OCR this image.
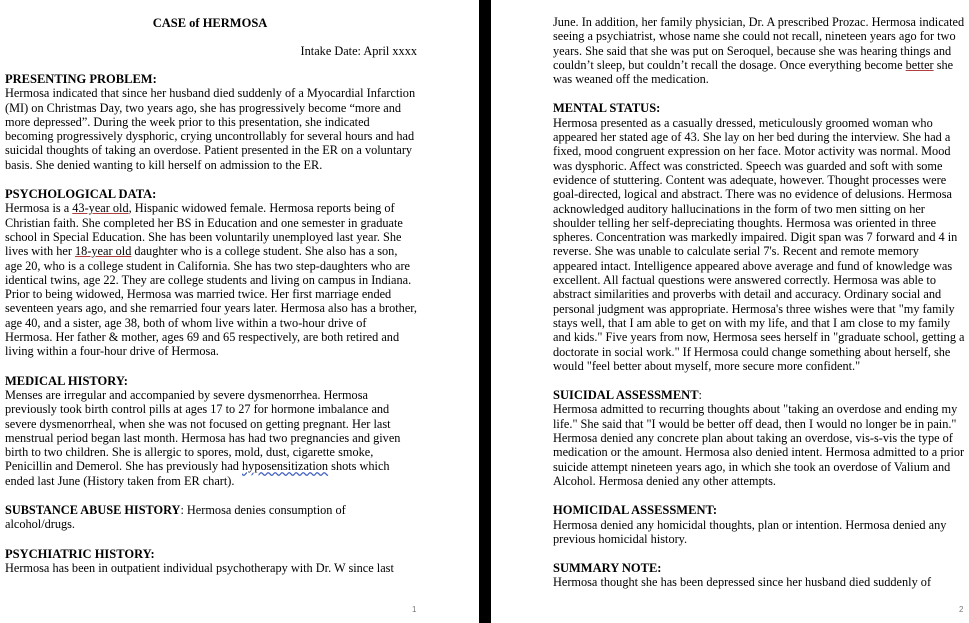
CASE of HERMOSA
Intake Date: April xxxx
PRESENTING PROBLEM:

Hermosa indicated that since her husband died suddenly of a Myocardial Infarction (MI) on Christmas Day, two years ago, she has progressively become “more and more depressed”. During the week prior to this presentation, she indicated becoming progressively dysphoric, crying uncontrollably for several hours and had suicidal thoughts of taking an overdose. Patient presented in the ER on a voluntary basis. She denied wanting to kill herself on admission to the ER.

PSYCHOLOGICAL DATA:

Hermosa is a 43-year old, Hispanic widowed female. Hermosa reports being of Christian faith. She completed her BS in Education and one semester in graduate school in Special Education. She has been voluntarily unemployed last year. She lives with her 18-year old daughter who is a college student. She also has a son, age 20, who is a college student in California. She has two step-daughters who are identical twins, age 22. They are college students and living on campus in Indiana. Prior to being widowed, Hermosa was married twice. Her first marriage ended seventeen years ago, and she remarried four years later. Hermosa also has a brother, age 40, and a sister, age 38, both of whom live within a two-hour drive of Hermosa. Her father & mother, ages 69 and 65 respectively, are both retired and living within a four-hour drive of Hermosa.

MEDICAL HISTORY:

Menses are irregular and accompanied by severe dysmenorrhea. Hermosa previously took birth control pills at ages 17 to 27 for hormone imbalance and severe dysmenorrheal, when she was not focused on getting pregnant. Her last menstrual period began last month. Hermosa has had two pregnancies and given birth to two children. She is allergic to spores, mold, dust, cigarette smoke, Penicillin and Demerol. She has previously had hyposensitization shots which ended last June (History taken from ER chart).

SUBSTANCE ABUSE HISTORY: Hermosa denies consumption of alcohol/drugs.

PSYCHIATRIC HISTORY:

Hermosa has been in outpatient individual psychotherapy with Dr. W since last

1

June. In addition, her family physician, Dr. A prescribed Prozac. Hermosa indicated seeing a psychiatrist, whose name she could not recall, nineteen years ago for two years. She said that she was put on Seroquel, because she was hearing things and couldn’t sleep, but couldn’t recall the dosage. Once everything become better she was weaned off the medication.

MENTAL STATUS:

Hermosa presented as a casually dressed, meticulously groomed woman who appeared her stated age of 43. She lay on her bed during the interview. She had a fixed, mood congruent expression on her face. Motor activity was normal. Mood was dysphoric. Affect was constricted. Speech was guarded and soft with some evidence of stuttering. Content was adequate, however. Thought processes were goal-directed, logical and abstract. There was no evidence of delusions. Hermosa acknowledged auditory hallucinations in the form of two men sitting on her shoulder telling her self-depreciating thoughts. Hermosa was oriented in three spheres. Concentration was markedly impaired. Digit span was 7 forward and 4 in reverse. She was unable to calculate serial 7's. Recent and remote memory appeared intact. Intelligence appeared above average and fund of knowledge was excellent. All factual questions were answered correctly. Hermosa was able to abstract similarities and proverbs with detail and accuracy. Ordinary social and personal judgment was appropriate. Hermosa's three wishes were that "my family stays well, that I am able to get on with my life, and that I am close to my family and kids." Five years from now, Hermosa sees herself in "graduate school, getting a doctorate in social work." If Hermosa could change something about herself, she would "feel better about myself, more secure more confident."

SUICIDAL ASSESSMENT:

Hermosa admitted to recurring thoughts about "taking an overdose and ending my life." She said that "I would be better off dead, then I would no longer be in pain." Hermosa denied any concrete plan about taking an overdose, vis-s-vis the type of medication or the amount. Hermosa also denied intent. Hermosa admitted to a prior suicide attempt nineteen years ago, in which she took an overdose of Valium and Alcohol. Hermosa denied any other attempts.

HOMICIDAL ASSESSMENT:

Hermosa denied any homicidal thoughts, plan or intention. Hermosa denied any previous homicidal history.

SUMMARY NOTE:

Hermosa thought she has been depressed since her husband died suddenly of

2
